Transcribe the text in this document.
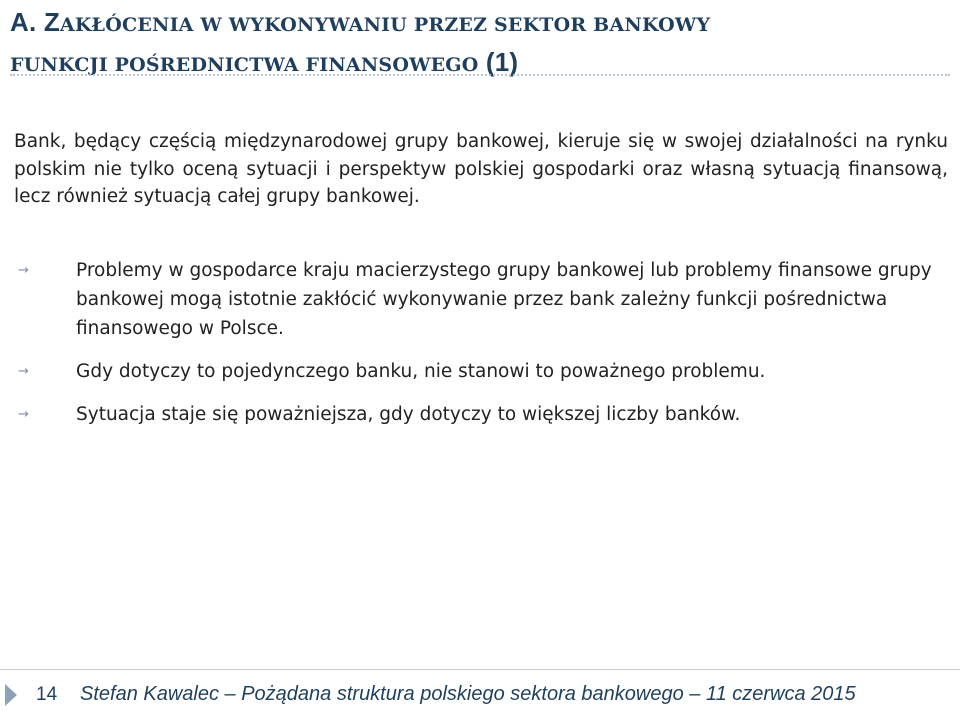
A. ZAKŁÓCENIA W WYKONYWANIU PRZEZ SEKTOR BANKOWY
FUNKCJI POŚREDNICTWA FINANSOWEGO (1)

Bank, będący częścią międzynarodowej grupy bankowej, kieruje się w swojej działalności na rynku polskim nie tylko oceną sytuacji i perspektyw polskiej gospodarki oraz własną sytuacją finansową, lecz również sytuacją całej grupy bankowej.

→	Problemy w gospodarce kraju macierzystego grupy bankowej lub problemy finansowe grupy bankowej mogą istotnie zakłócić wykonywanie przez bank zależny funkcji pośrednictwa finansowego w Polsce.
→	Gdy dotyczy to pojedynczego banku, nie stanowi to poważnego problemu.
→	Sytuacja staje się poważniejsza, gdy dotyczy to większej liczby banków.
14 Stefan Kawalec – Pożądana struktura polskiego sektora bankowego – 11 czerwca 2015
